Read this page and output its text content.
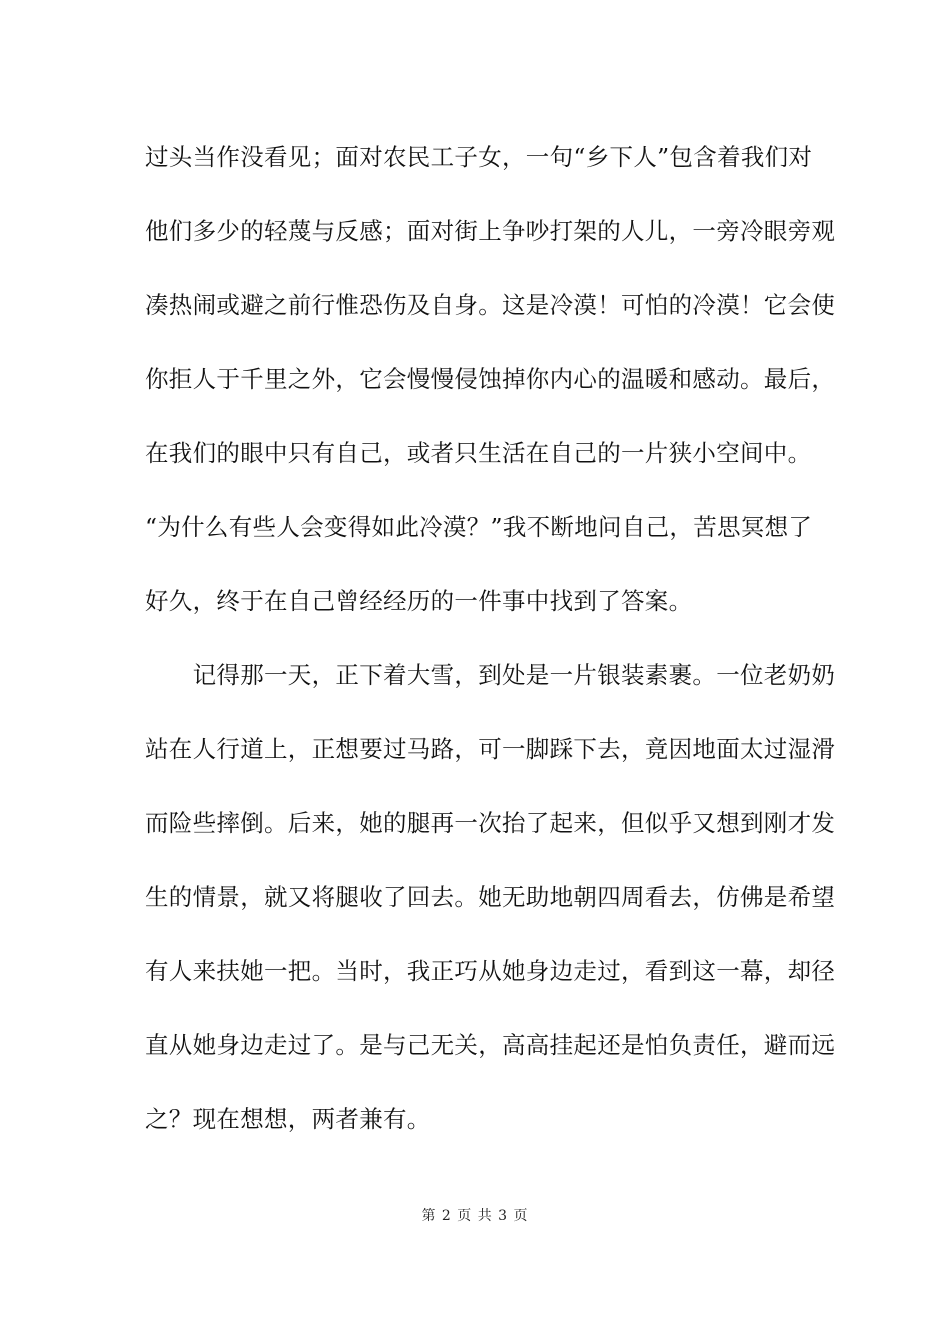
过头当作没看见；面对农民工子女，一句“乡下人”包含着我们对
他们多少的轻蔑与反感；面对街上争吵打架的人儿，一旁冷眼旁观
凑热闹或避之前行惟恐伤及自身。这是冷漠！可怕的冷漠！它会使
你拒人于千里之外，它会慢慢侵蚀掉你内心的温暖和感动。最后，
在我们的眼中只有自己，或者只生活在自己的一片狭小空间中。
“为什么有些人会变得如此冷漠？”我不断地问自己，苦思冥想了
好久，终于在自己曾经经历的一件事中找到了答案。
　　记得那一天，正下着大雪，到处是一片银装素裹。一位老奶奶
站在人行道上，正想要过马路，可一脚踩下去，竟因地面太过湿滑
而险些摔倒。后来，她的腿再一次抬了起来，但似乎又想到刚才发
生的情景，就又将腿收了回去。她无助地朝四周看去，仿佛是希望
有人来扶她一把。当时，我正巧从她身边走过，看到这一幕，却径
直从她身边走过了。是与己无关，高高挂起还是怕负责任，避而远
之？现在想想，两者兼有。
第 2 页 共 3 页
